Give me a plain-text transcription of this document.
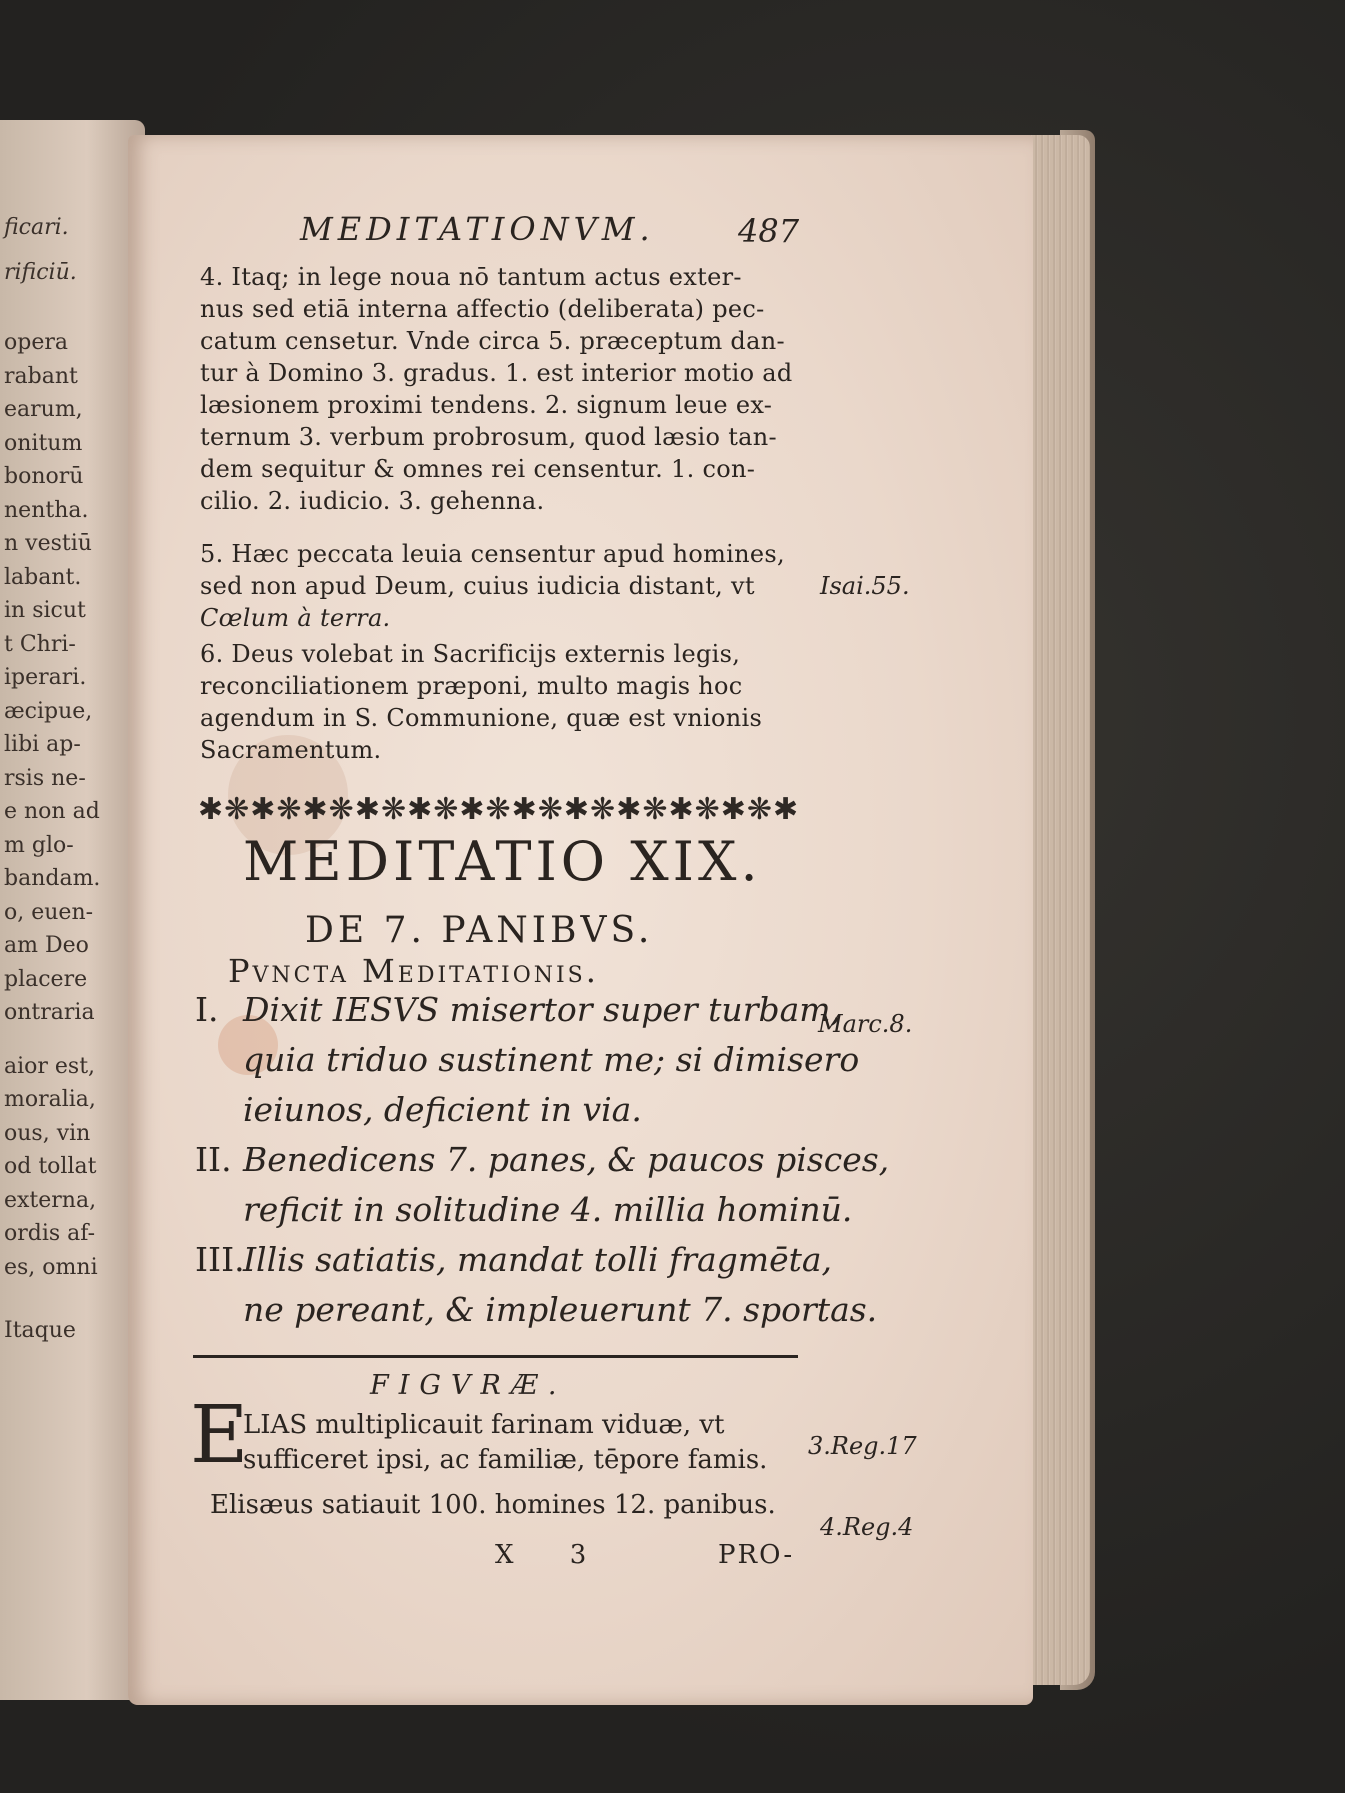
ficari.
rificiū.
opera
rabant
earum,
onitum
bonorū
nentha.
n vestiū
labant.
in sicut
t Chri-
iperari.
æcipue,
libi ap-
rsis ne-
e non ad
m glo-
bandam.
o, euen-
am Deo
placere
ontraria
aior est,
moralia,
ous, vin
od tollat
externa,
ordis af-
es, omni
Itaque
MEDITATIONVM.	487
4. Itaq; in lege noua nō tantum actus exter-
nus sed etiā interna affectio (deliberata) pec-
catum censetur. Vnde circa 5. præceptum dan-
tur à Domino 3. gradus. 1. est interior motio ad
læsionem proximi tendens. 2. signum leue ex-
ternum 3. verbum probrosum, quod læsio tan-
dem sequitur & omnes rei censentur. 1. con-
cilio. 2. iudicio. 3. gehenna.
5. Hæc peccata leuia censentur apud homines,
sed non apud Deum, cuius iudicia distant, vt
Cœlum à terra.
Isai.55.
6. Deus volebat in Sacrificijs externis legis,
reconciliationem præponi, multo magis hoc
agendum in S. Communione, quæ est vnionis
Sacramentum.
✱❋✱❋✱❋✱❋✱❋✱❋✱❋✱❋✱❋✱❋✱❋✱
MEDITATIO XIX.
DE 7. PANIBVS.
Pvncta Meditationis.
I. Dixit IESVS misertor super turbam,
quia triduo sustinent me; si dimisero
ieiunos, deficient in via.
Marc.8.
II. Benedicens 7. panes, & paucos pisces,
reficit in solitudine 4. millia hominū.
III.
Illis satiatis, mandat tolli fragmēta,
ne pereant, & impleuerunt 7. sportas.
FIGVRÆ.
E
LIAS multiplicauit farinam viduæ, vt
sufficeret ipsi, ac familiæ, tēpore famis.
Elisæus satiauit 100. homines 12. panibus.
3.Reg.17
4.Reg.4
X 3	PRO-
